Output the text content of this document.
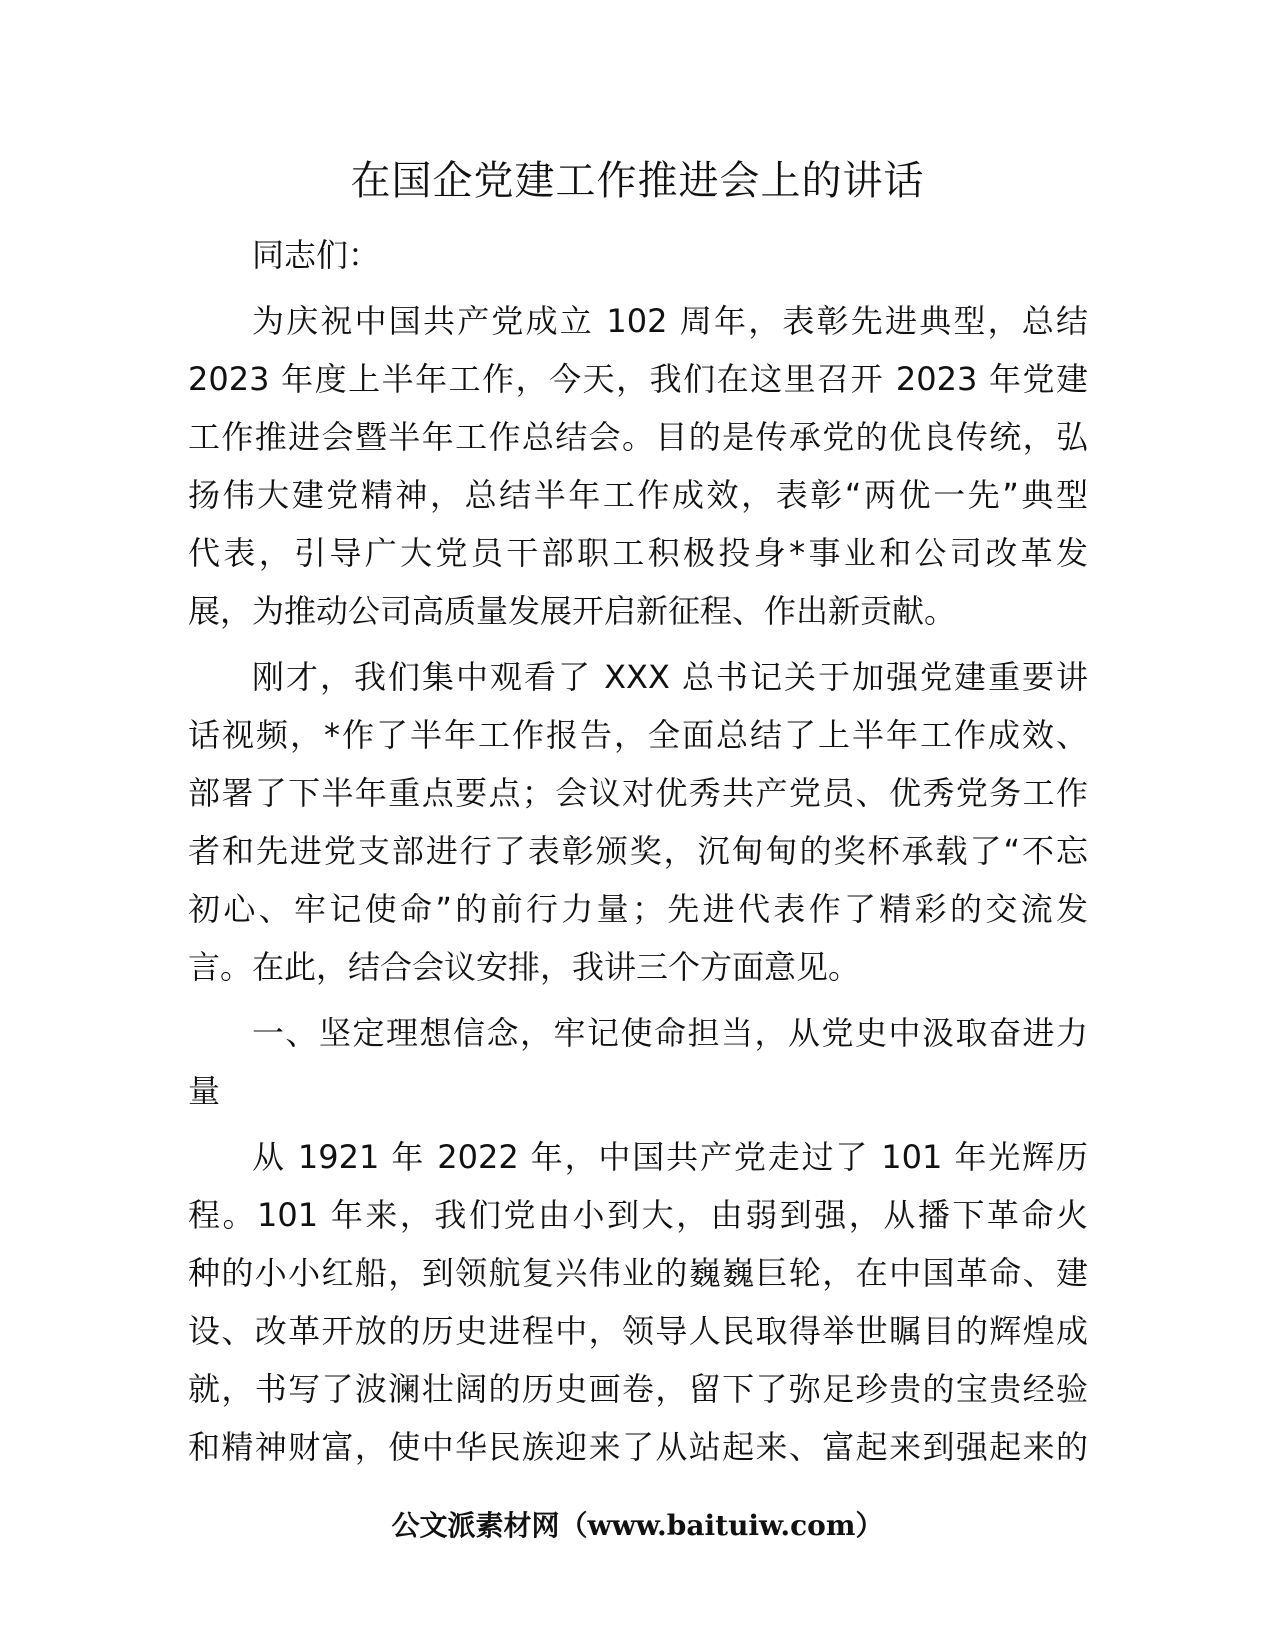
在国企党建工作推进会上的讲话
同志们：
为庆祝中国共产党成立 102 周年，表彰先进典型，总结
2023 年度上半年工作，今天，我们在这里召开 2023 年党建
工作推进会暨半年工作总结会。目的是传承党的优良传统，弘
扬伟大建党精神，总结半年工作成效，表彰“两优一先”典型
代表，引导广大党员干部职工积极投身*事业和公司改革发
展，为推动公司高质量发展开启新征程、作出新贡献。
刚才，我们集中观看了 XXX 总书记关于加强党建重要讲
话视频，*作了半年工作报告，全面总结了上半年工作成效、
部署了下半年重点要点；会议对优秀共产党员、优秀党务工作
者和先进党支部进行了表彰颁奖，沉甸甸的奖杯承载了“不忘
初心、牢记使命”的前行力量；先进代表作了精彩的交流发
言。在此，结合会议安排，我讲三个方面意见。
一、坚定理想信念，牢记使命担当，从党史中汲取奋进力
量
从 1921 年 2022 年，中国共产党走过了 101 年光辉历
程。101 年来，我们党由小到大，由弱到强，从播下革命火
种的小小红船，到领航复兴伟业的巍巍巨轮，在中国革命、建
设、改革开放的历史进程中，领导人民取得举世瞩目的辉煌成
就，书写了波澜壮阔的历史画卷，留下了弥足珍贵的宝贵经验
和精神财富，使中华民族迎来了从站起来、富起来到强起来的
公文派素材网（www.baituiw.com）
